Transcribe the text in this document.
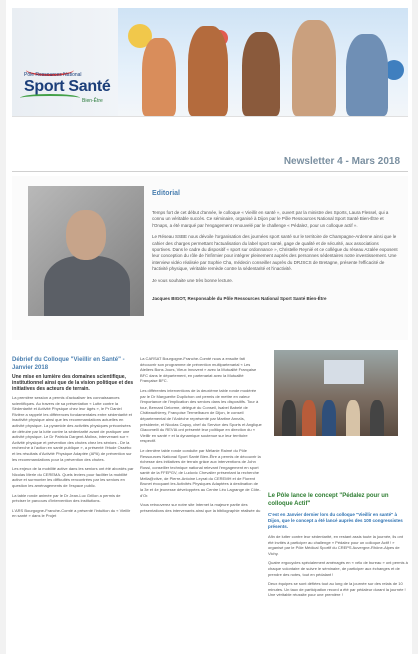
Pôle Ressources National
Sport Santé
Bien-Être
Newsletter 4 - Mars 2018
Editorial

Temps fort de cet début d'année, le colloque « Vieillir en santé », ouvert par la ministre des Sports, Laura Flessel, qui a connu un véritable succès. Ce séminaire, organisé à Dijon par le Pôle Ressources National Sport Santé Bien-Être et l'Onaps, a été marqué par l'engagement renouvelé par le challenge « Pédalez, pour un colloque actif ».

Le Réseau SSBE nous dévoile l'organisation des journées sport santé sur le territoire de Champagne-Ardenne ainsi que le cahier des charges permettant l'actualisation du label sport santé, gage de qualité et de sécurité, aux associations sportives. Dans le cadre du dispositif « sport sur ordonnance », Christelle Reynié et ce collègue du réseau Azalée exposent leur conception du rôle de l'infirmier pour intégrer pleinement auprès des personnes sédentaires notre investissement. Une interview vidéo réalisée par Sophie Cha, médecin conseiller auprès du DRJSCS de Bretagne, présente l'efficacité de l'activité physique, véritable remède contre la sédentarité et l'inactivité.

Je vous souhaite une très bonne lecture.

Jacques BIGOT, Responsable du Pôle Ressources National Sport Santé Bien-Être
Débrief du Colloque "Vieillir en Santé" - Janvier 2018
Une mise en lumière des domaines scientifique, institutionnel ainsi que de la vision politique et des initiatives des acteurs de terrain.

La première session a permis d'actualiser les connaissances scientifiques. Au travers de sa présentation « Lutte contre la Sédentarité et Activité Physique chez leur âgés », le Pr Daniel Rivière a rappelé les différences fondamentales entre sédentarité et inactivité physique ainsi que les recommandations actuelles en activité physique. La pyramide des activités physiques préconisées de détruire par la lutte contre la sédentarité avant de pratiquer une activité physique. Le Dr Patricia Dargent-Molina, intervenant sur « Activité physique et prévention des chutes chez les séniors - De la recherche à l'action en santé publique », a présenté l'étude Ossébo et les résultats d'Activité Physique Adaptée (APA) de prévention sur les recommandations pour la prévention des chutes.

Les enjeux de la mobilité active dans les seniors ont été abordés par Nicolas Merle du CEREMA. Quels leviers pour faciliter la mobilité active et surmonter les difficultés rencontrées par les seniors en question les aménagements de l'espace public.

La table ronde animée par le Dr Jean-Luc Grillon a permis de préciser le parcours d'intervention des institutions.

L'ARS Bourgogne-Franche-Comté a présenté l'intuition du « Vieillir en santé » dans le Projet

La CARSAT Bourgogne-Franche-Comté nous a ensuite fait découvrir son programme de prévention multipartenarial « Les Ateliers Bons Jours, Vieux Innovent » avec la Mutualité Française BFC dans le département, en partenariat avec la Mutualité Française BFC.

Les différentes interventions de la deuxième table ronde modérée par le Dr Marguerite Duplichon ont permis de mettre en valeur l'importance de l'implication des seniors dans les dispositifs. Tour à tour, Bernard Delorme, délégué du Conseil, Isabel Babelé de Châteauthierry, Françoise Termelbaum de Dijon, le conseil départemental de l'Ardèche représenté par Martine Annaïs, présidente, et Nicolas Capuy, chef du Service des Sports et Anglique Giacomelli du REVIA ont présenté leur politique en direction du « Vieillir en santé » et la dynamique soutenue sur leur territoire respectif.

Le dernière table ronde conduite par Mélanie Raimé du Pôle Ressources National Sport Santé Bien-Être a permis de découvrir la richesse des initiatives de terrain grâce aux interventions de John Rossi, conseiller technique national relevant l'engagement en sport santé de la FFEPGV, de Ludovic Chevalier présentant la recherche Mella@ctive, de Pierre-Antoine Leyrat du CEREMH et de Florent Brunet évoquant les Activités Physiques Adaptées à destination de la 3e et 4e jeunesse développées au Centre Léo Lagrange de Côte-d'Or.

Vous retrouverez sur notre site Internet la majeure partie des présentations des intervenants ainsi que la bibliographie réalisée du

Le Pôle lance le concept "Pédalez pour un colloque Actif"
C'est en Janvier dernier lors du colloque "Vieillir en santé" à Dijon, que le concept a été lancé auprès des 100 congressistes présents.

Afin de lutter contre leur sédentarité, en restant assis toute la journée, ils ont été invités à participer au challenge « Pédalez pour un colloque Actif ! » organisé par le Pôle Médical Sportif du CREPS Auvergne-Rhône-Alpes de Vichy.

Quatre ergocycles spécialement aménagés en « vélo de bureau » ont permis à chaque volontaire de suivre le séminaire, de participer aux échanges et de prendre des notes, tout en pédalant !

Deux équipes se sont défiées tout au long de la journée sur des relais de 10 minutes. Un taux de participation record a été par pédaleur durant la journée ! Une véritable réussite pour une première !
